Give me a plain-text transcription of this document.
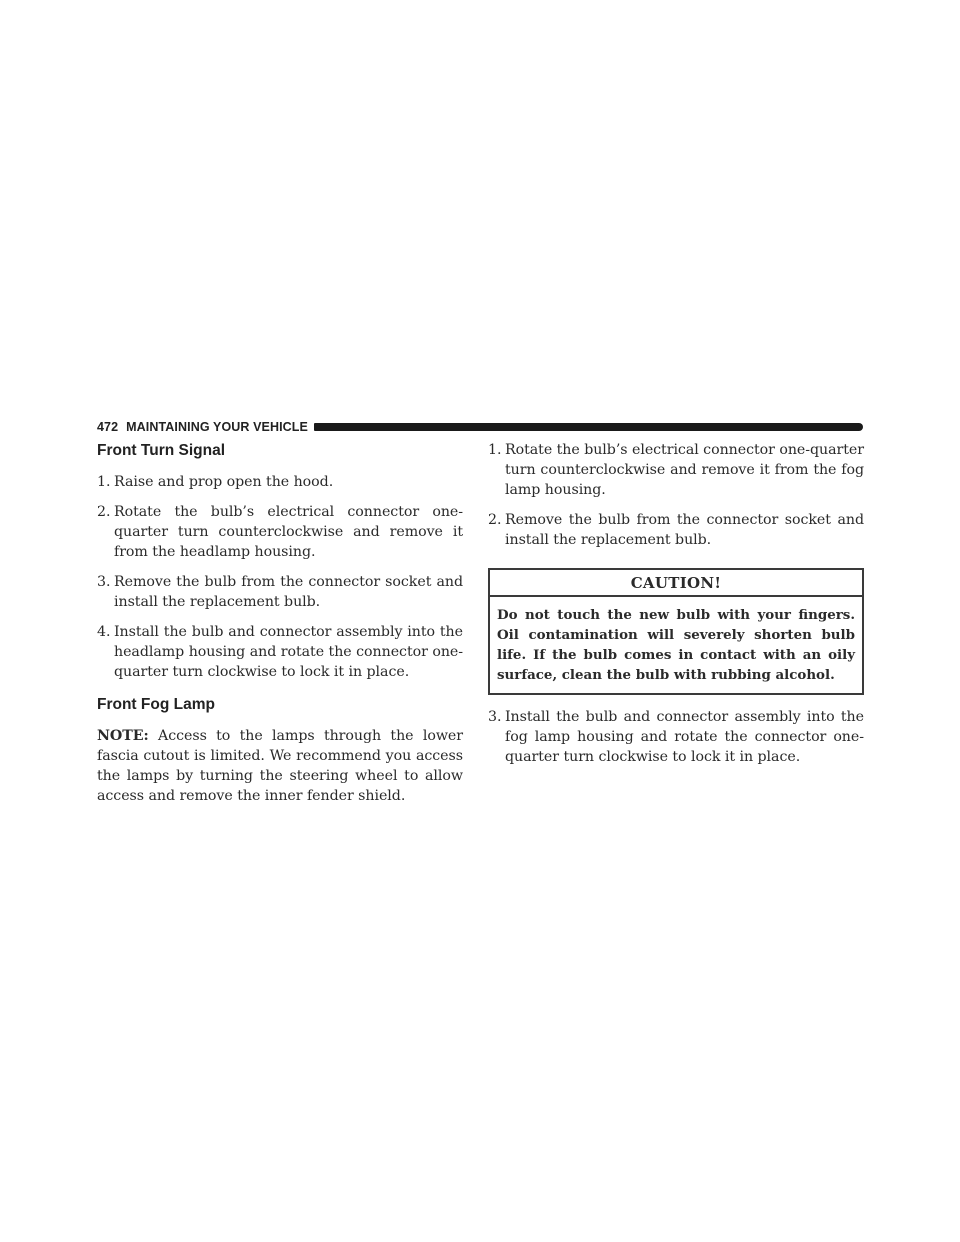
472 MAINTAINING YOUR VEHICLE
Front Turn Signal

1. Raise and prop open the hood.

2. Rotate the bulb’s electrical connector one-quarter turn counterclockwise and remove it from the headlamp housing.

3. Remove the bulb from the connector socket and install the replacement bulb.

4. Install the bulb and connector assembly into the headlamp housing and rotate the connector one-quarter turn clockwise to lock it in place.

Front Fog Lamp

NOTE: Access to the lamps through the lower fascia cutout is limited. We recommend you access the lamps by turning the steering wheel to allow access and remove the inner fender shield.

1. Rotate the bulb’s electrical connector one-quarter turn counterclockwise and remove it from the fog lamp housing.

2. Remove the bulb from the connector socket and install the replacement bulb.

CAUTION!
Do not touch the new bulb with your fingers. Oil contamination will severely shorten bulb life. If the bulb comes in contact with an oily surface, clean the bulb with rubbing alcohol.

3. Install the bulb and connector assembly into the fog lamp housing and rotate the connector one-quarter turn clockwise to lock it in place.
